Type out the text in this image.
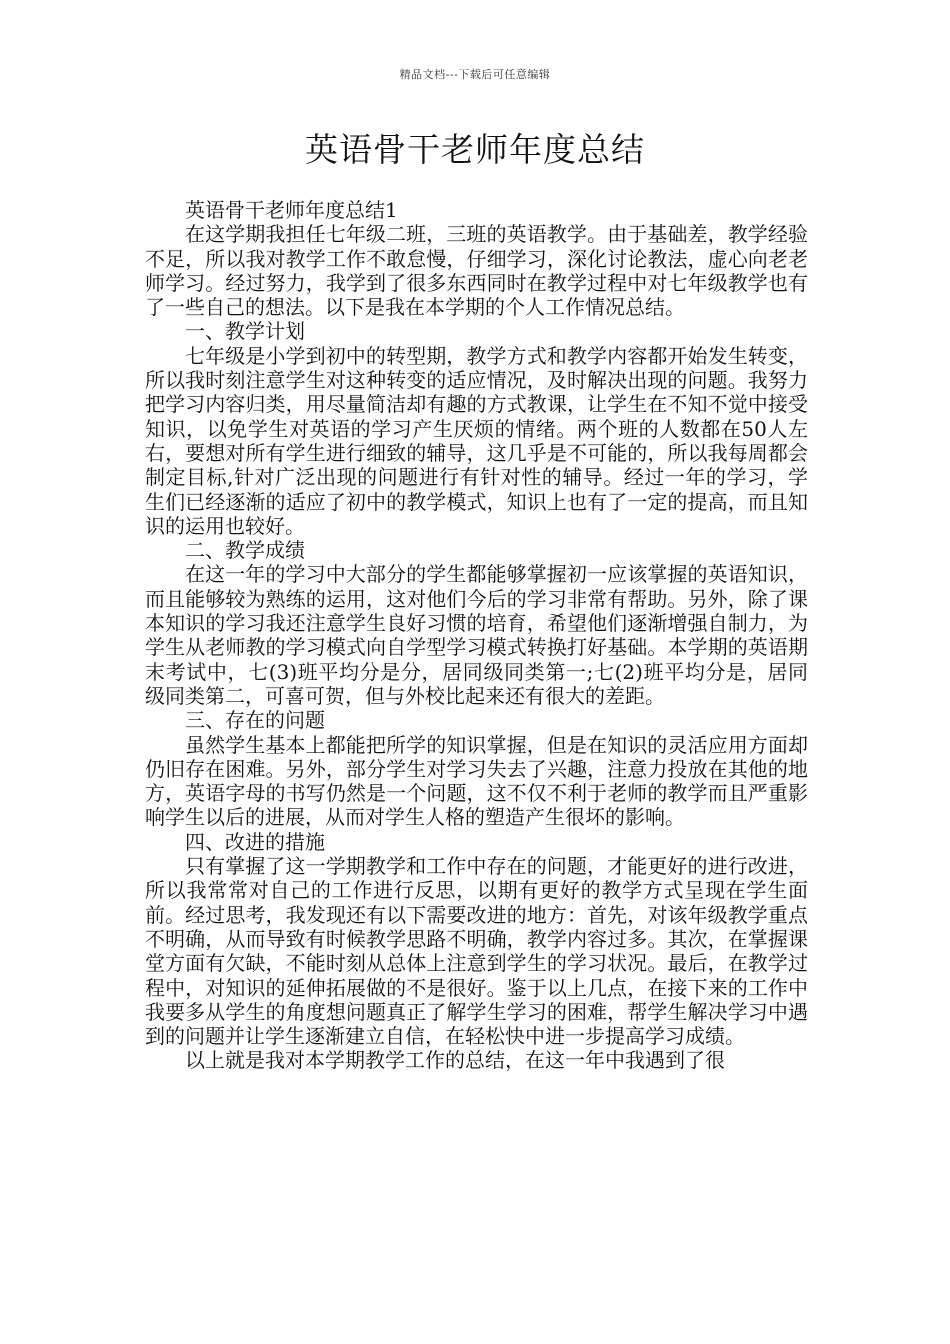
精品文档---下载后可任意编辑
英语骨干老师年度总结

英语骨干老师年度总结1

在这学期我担任七年级二班，三班的英语教学。由于基础差，教学经验不足，所以我对教学工作不敢怠慢，仔细学习，深化讨论教法，虚心向老老师学习。经过努力，我学到了很多东西同时在教学过程中对七年级教学也有了一些自己的想法。以下是我在本学期的个人工作情况总结。

一、教学计划

七年级是小学到初中的转型期，教学方式和教学内容都开始发生转变，所以我时刻注意学生对这种转变的适应情况，及时解决出现的问题。我努力把学习内容归类，用尽量简洁却有趣的方式教课，让学生在不知不觉中接受知识，以免学生对英语的学习产生厌烦的情绪。两个班的人数都在50人左右，要想对所有学生进行细致的辅导，这几乎是不可能的，所以我每周都会制定目标,针对广泛出现的问题进行有针对性的辅导。经过一年的学习，学生们已经逐渐的适应了初中的教学模式，知识上也有了一定的提高，而且知识的运用也较好。

二、教学成绩

在这一年的学习中大部分的学生都能够掌握初一应该掌握的英语知识，而且能够较为熟练的运用，这对他们今后的学习非常有帮助。另外，除了课本知识的学习我还注意学生良好习惯的培育，希望他们逐渐增强自制力，为学生从老师教的学习模式向自学型学习模式转换打好基础。本学期的英语期末考试中，七(3)班平均分是分，居同级同类第一;七(2)班平均分是，居同级同类第二，可喜可贺，但与外校比起来还有很大的差距。

三、存在的问题

虽然学生基本上都能把所学的知识掌握，但是在知识的灵活应用方面却仍旧存在困难。另外，部分学生对学习失去了兴趣，注意力投放在其他的地方，英语字母的书写仍然是一个问题，这不仅不利于老师的教学而且严重影响学生以后的进展，从而对学生人格的塑造产生很坏的影响。

四、改进的措施

只有掌握了这一学期教学和工作中存在的问题，才能更好的进行改进，所以我常常对自己的工作进行反思，以期有更好的教学方式呈现在学生面前。经过思考，我发现还有以下需要改进的地方：首先，对该年级教学重点不明确，从而导致有时候教学思路不明确，教学内容过多。其次，在掌握课堂方面有欠缺，不能时刻从总体上注意到学生的学习状况。最后，在教学过程中，对知识的延伸拓展做的不是很好。鉴于以上几点，在接下来的工作中我要多从学生的角度想问题真正了解学生学习的困难，帮学生解决学习中遇到的问题并让学生逐渐建立自信，在轻松快中进一步提高学习成绩。

以上就是我对本学期教学工作的总结，在这一年中我遇到了很
